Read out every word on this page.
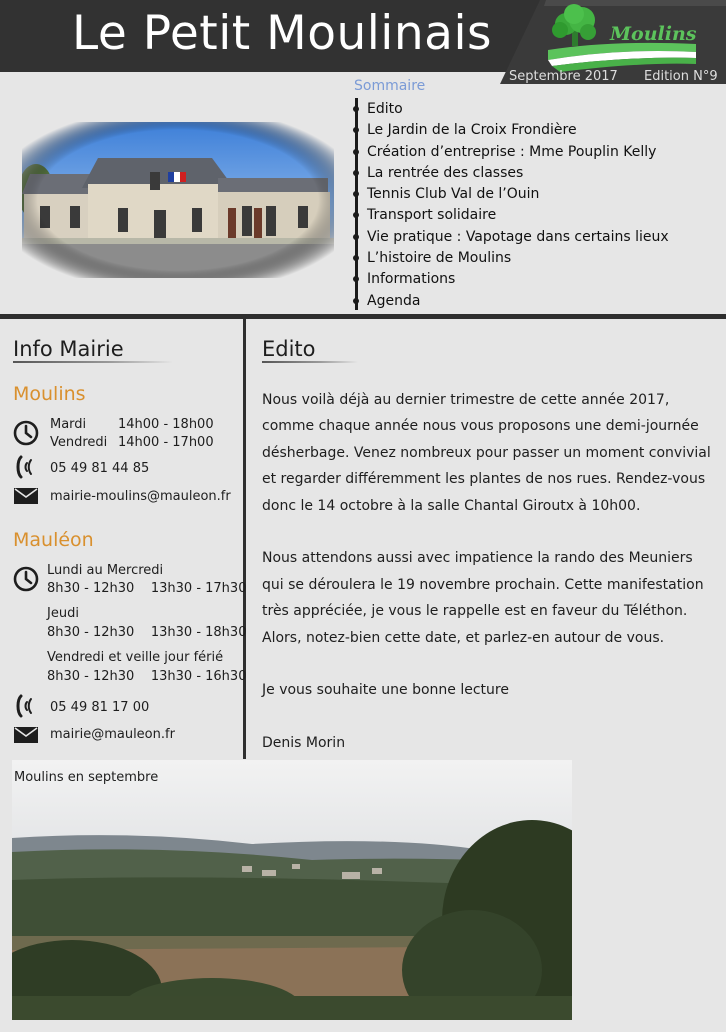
Le Petit Moulinais	Moulins
Septembre 2017 Edition N°9
Sommaire
Edito
Le Jardin de la Croix Frondière
Création d’entreprise : Mme Pouplin Kelly
La rentrée des classes
Tennis Club Val de l’Ouin
Transport solidaire
Vie pratique : Vapotage dans certains lieux
L’histoire de Moulins
Informations
Agenda
Info Mairie
Moulins
Mardi 14h00 - 18h00
Vendredi 14h00 - 17h00
05 49 81 44 85
mairie-moulins@mauleon.fr
Mauléon
Lundi au Mercredi
8h30 - 12h30    13h30 - 17h30
Jeudi
8h30 - 12h30    13h30 - 18h30
Vendredi et veille jour férié
8h30 - 12h30    13h30 - 16h30
05 49 81 17 00
mairie@mauleon.fr
Edito

Nous voilà déjà au dernier trimestre de cette année 2017, comme chaque année nous vous proposons une demi-journée désherbage. Venez nombreux pour passer un moment convivial et regarder différemment les plantes de nos rues. Rendez-vous donc le 14 octobre à la salle Chantal Giroutx à 10h00.

Nous attendons aussi avec impatience la rando des Meuniers qui se déroulera le 19 novembre prochain. Cette manifestation très appréciée, je vous le rappelle est en faveur du Téléthon. Alors, notez-bien cette date, et parlez-en autour de vous.

Je vous souhaite une bonne lecture

Denis Morin

Moulins en septembre
